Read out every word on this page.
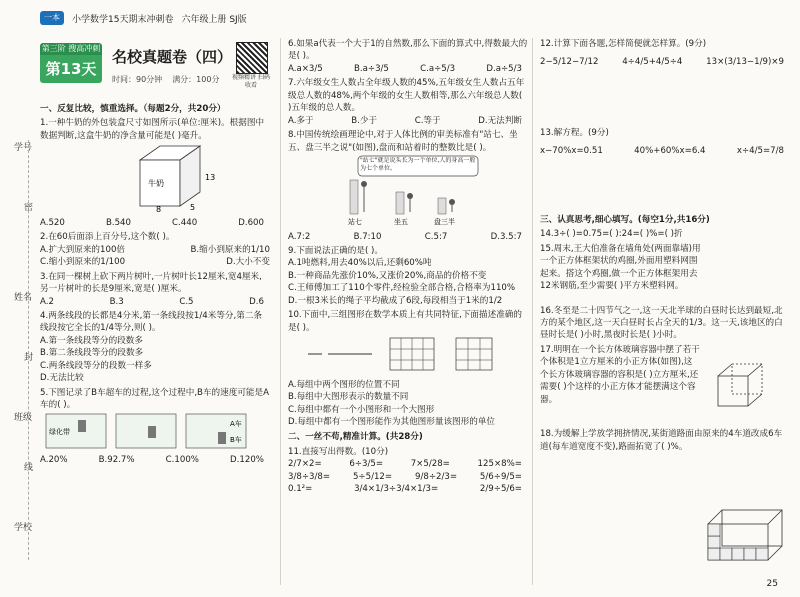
一本	小学数学15天期末冲刺卷 六年级上册 SJ版
学号
姓名
班级
学校
线
封
密
第三阶 搜高冲刺
第13天
名校真题卷（四）
时间：90分钟 满分：100分 视频精讲 扫码收看
一、反复比较，慎重选择。（每题2分，共20分）
1.一种牛奶的外包装盒尺寸如图所示(单位:厘米)。根据图中数据判断,这盒牛奶的净含量可能是( )毫升。
牛奶
13
8	5
A.520	B.540	C.440	D.600
2.在60后面添上百分号,这个数( )。
A.扩大到原来的100倍	B.缩小到原来的1/10
C.缩小到原来的1/100	D.大小不变
3.在同一棵树上砍下两片树叶,一片树叶长12厘米,宽4厘米,另一片树叶的长是9厘米,宽是( )厘米。
A.2	B.3	C.5	D.6
4.两条线段的长都是4分米,第一条线段按1/4米等分,第二条线段按它全长的1/4等分,则( )。
A.第一条线段等分的段数多
B.第二条线段等分的段数多
C.两条线段等分的段数一样多
D.无法比较
5.下图记录了B车超车的过程,这个过程中,B车的速度可能是A车的( )。
绿化带
A车
B车
A.20%	B.92.7%	C.100%	D.120%
6.如果a代表一个大于1的自然数,那么下面的算式中,得数最大的是( )。
A.a×3/5	B.a÷3/5	C.a÷5/3	D.a÷5/3
7.六年级女生人数占全年级人数的45%,五年级女生人数占五年级总人数的48%,两个年级的女生人数相等,那么六年级总人数( )五年级的总人数。
A.多于	B.少于	C.等于	D.无法判断
8.中国传统绘画理论中,对于人体比例的审美标准有"站七、坐五、盘三半之说"(如图),盘而和站着时的整数比是( )。
"站七"就是说头长为一个单位,人的身高一般为七个单位。
站七	坐五	盘三半
A.7:2	B.7:10	C.5:7	D.3.5:7
9.下面说法正确的是( )。
A.1吨燃料,用去40%以后,还剩60%吨
B.一种商品先涨价10%,又涨价20%,商品的价格不变
C.王师傅加工了110个零件,经检验全部合格,合格率为110%
D.一根3米长的绳子平均截成了6段,每段相当于1米的1/2
10.下面中,三组图形在数学本质上有共同特征,下面描述准确的是( )。
A.每组中两个图形的位置不同
B.每组中大图形表示的数量不同
C.每组中都有一个小图形和一个大图形
D.每组中都有一个图形能作为其他图形量该图形的单位
二、一丝不苟,精准计算。(共28分)
11.直接写出得数。(10分)
2/7×2=	6÷3/5=	7×5/28=	125×8%=
3/8÷3/8=	5÷5/12=	9/8÷2/3=	5/6÷9/5=
0.1²=	3/4×1/3÷3/4×1/3=	2/9÷5/6=
12.计算下面各题,怎样简便就怎样算。(9分)
2−5/12−7/12	4÷4/5+4/5÷4	13×(3/13−1/9)×9
13.解方程。(9分)
x−70%x=0.51	40%+60%x=6.4	x÷4/5=7/8
三、认真思考,细心填写。(每空1分,共16分)
14.3÷( )=0.75=( ):24=( )%=( )折
15.周末,王大伯准备在墙角处(两面靠墙)用一个正方体框架状的鸡圈,外面用塑料网围起来。搭这个鸡圈,做一个正方体框架用去12米钢筋,至少需要( )平方米塑料网。
16.冬至是二十四节气之一,这一天北半球的白昼时长达到最短,北方的某个地区,这一天白昼时长占全天的1/3。这一天,该地区的白昼时长是( )小时,黑夜时长是( )小时。
17.明明在一个长方体玻璃容器中摆了若干个体积是1立方厘米的小正方体(如图),这个长方体玻璃容器的容积是( )立方厘米,还需要( )个这样的小正方体才能摆满这个容器。
18.为缓解上学放学拥挤情况,某街道路面由原来的4车道改成6车道(每车道宽度不变),路面拓宽了( )%。
25
